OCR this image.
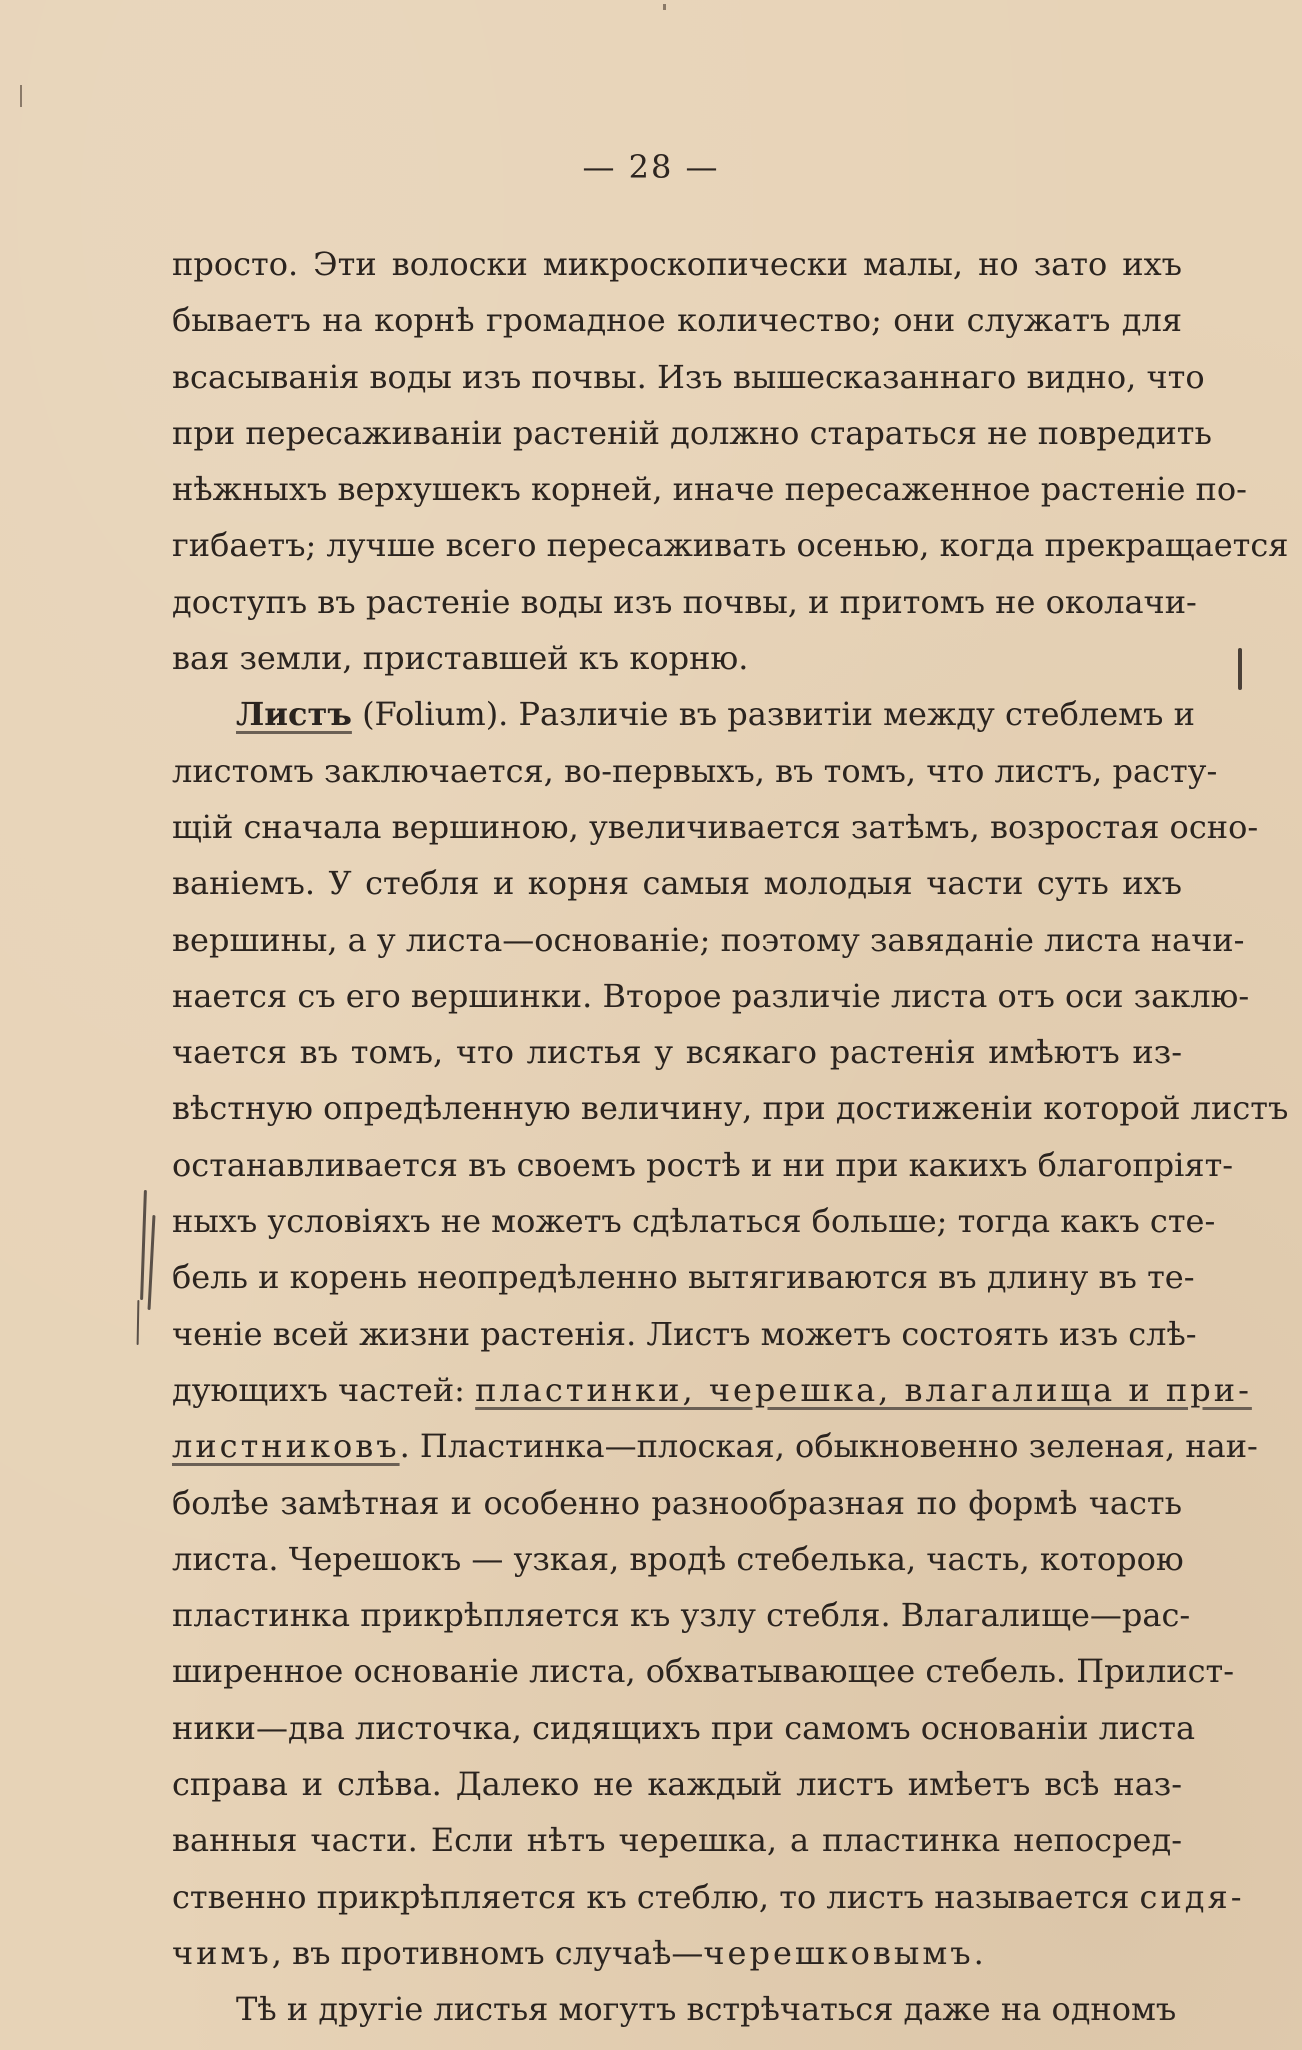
— 28 —
просто. Эти волоски микроскопически малы, но зато ихъ
бываетъ на корнѣ громадное количество; они служатъ для
всасыванія воды изъ почвы. Изъ вышесказаннаго видно, что
при пересаживаніи растеній должно стараться не повредить
нѣжныхъ верхушекъ корней, иначе пересаженное растеніе по-
гибаетъ; лучше всего пересаживать осенью, когда прекращается
доступъ въ растеніе воды изъ почвы, и притомъ не околачи-
вая земли, приставшей къ корню.
Листъ (Folium). Различіе въ развитіи между стеблемъ и
листомъ заключается, во-первыхъ, въ томъ, что листъ, расту-
щій сначала вершиною, увеличивается затѣмъ, возростая осно-
ваніемъ. У стебля и корня самыя молодыя части суть ихъ
вершины, а у листа—основаніе; поэтому завяданіе листа начи-
нается съ его вершинки. Второе различіе листа отъ оси заклю-
чается въ томъ, что листья у всякаго растенія имѣютъ из-
вѣстную опредѣленную величину, при достиженіи которой листъ
останавливается въ своемъ ростѣ и ни при какихъ благопріят-
ныхъ условіяхъ не можетъ сдѣлаться больше; тогда какъ сте-
бель и корень неопредѣленно вытягиваются въ длину въ те-
ченіе всей жизни растенія. Листъ можетъ состоять изъ слѣ-
дующихъ частей: пластинки, черешка, влагалища и при-
листниковъ. Пластинка—плоская, обыкновенно зеленая, наи-
болѣе замѣтная и особенно разнообразная по формѣ часть
листа. Черешокъ — узкая, вродѣ стебелька, часть, которою
пластинка прикрѣпляется къ узлу стебля. Влагалище—рас-
ширенное основаніе листа, обхватывающее стебель. Прилист-
ники—два листочка, сидящихъ при самомъ основаніи листа
справа и слѣва. Далеко не каждый листъ имѣетъ всѣ наз-
ванныя части. Если нѣтъ черешка, а пластинка непосред-
ственно прикрѣпляется къ стеблю, то листъ называется сидя-
чимъ, въ противномъ случаѣ—черешковымъ.
Тѣ и другіе листья могутъ встрѣчаться даже на одномъ
